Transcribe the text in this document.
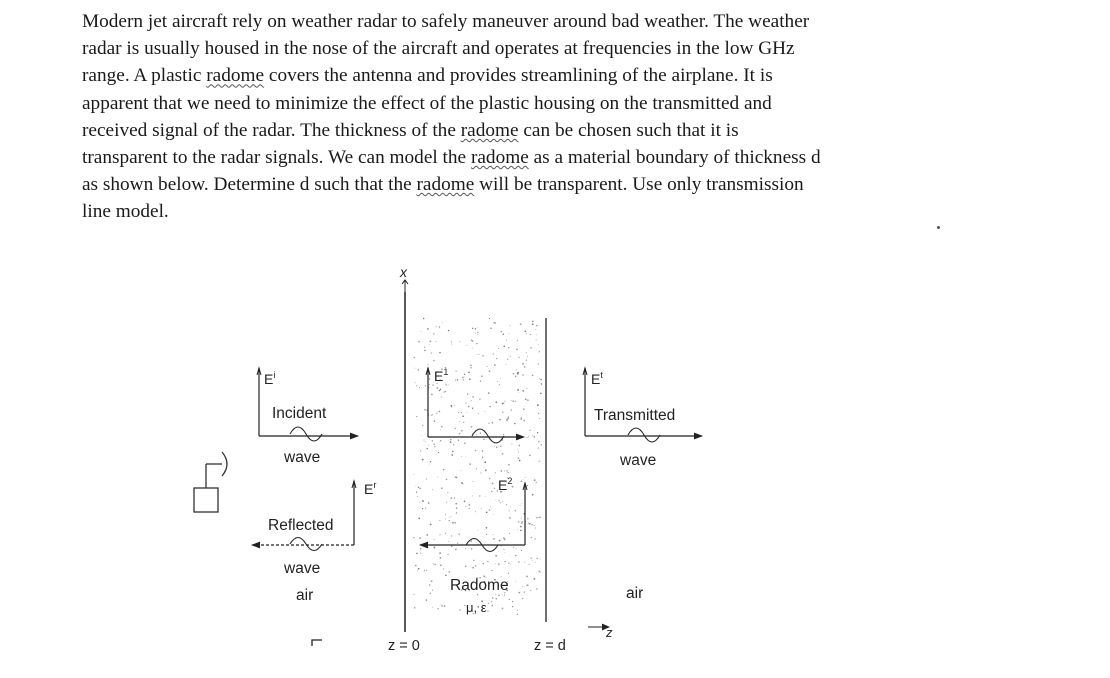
Modern jet aircraft rely on weather radar to safely maneuver around bad weather. The weather
radar is usually housed in the nose of the aircraft and operates at frequencies in the low GHz
range. A plastic radome covers the antenna and provides streamlining of the airplane. It is
apparent that we need to minimize the effect of the plastic housing on the transmitted and
received signal of the radar. The thickness of the radome can be chosen such that it is
transparent to the radar signals. We can model the radome as a material boundary of thickness d
as shown below. Determine d such that the radome will be transparent. Use only transmission
line model.
x
$E^i$
Incident
wave
$E^r$
Reflected
wave
air
$E^1$
$E^2$
Radome
μ, ε
$E^t$
Transmitted
wave
air
z = 0	z = d
z
